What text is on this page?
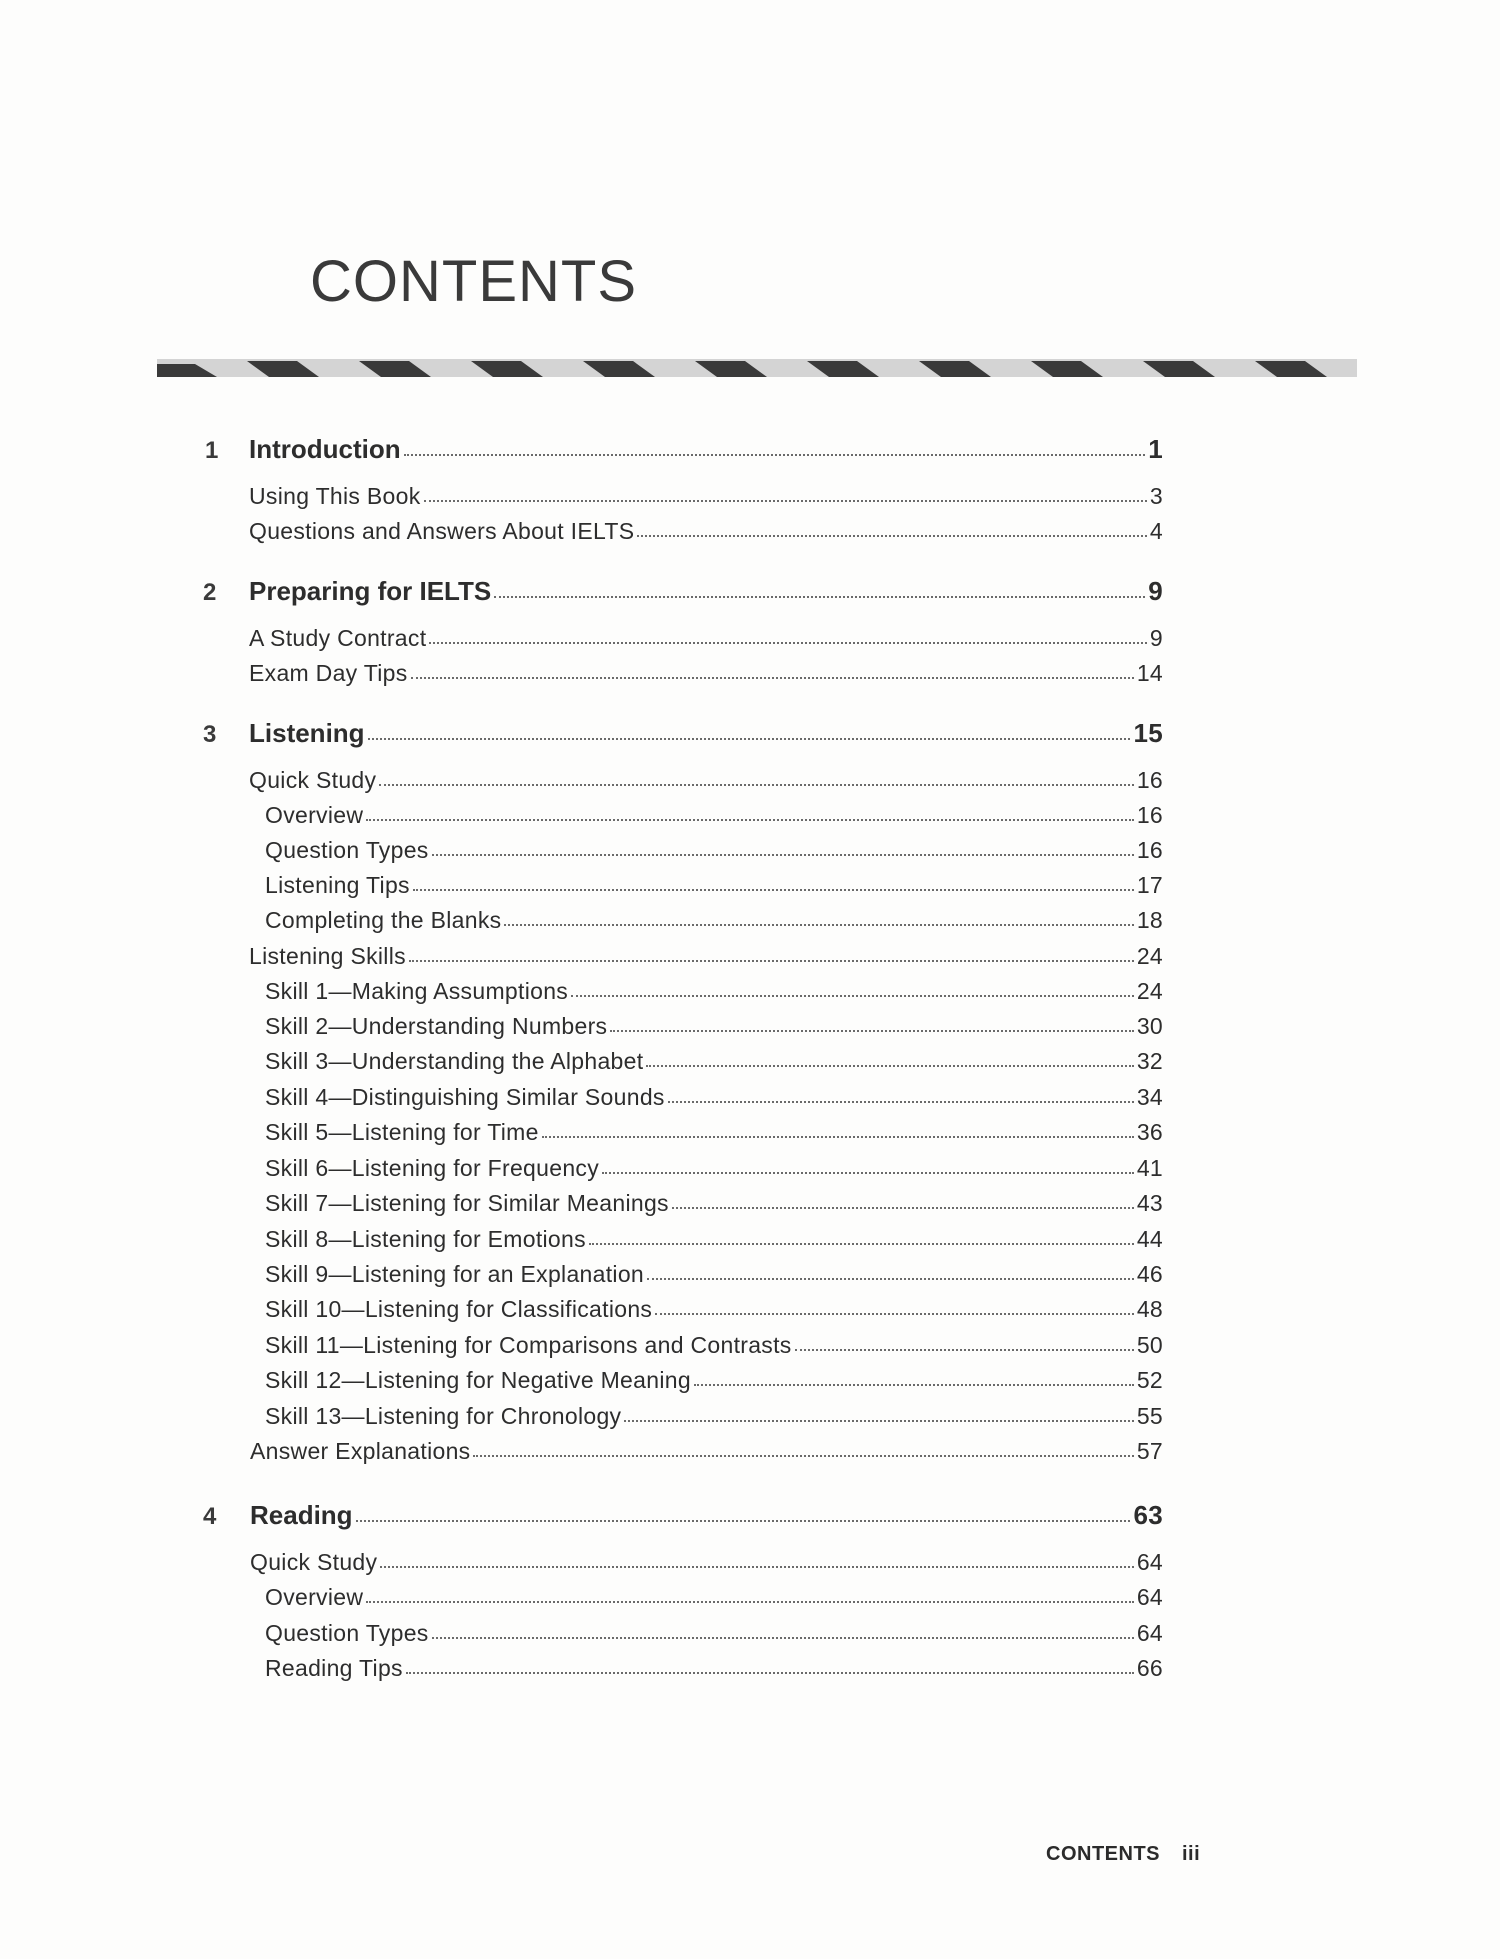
CONTENTS
1 Introduction	1
Using This Book	3
Questions and Answers About IELTS	4
2 Preparing for IELTS	9
A Study Contract	9
Exam Day Tips	14
3 Listening	15
Quick Study	16
Overview	16
Question Types	16
Listening Tips	17
Completing the Blanks	18
Listening Skills	24
Skill 1—Making Assumptions	24
Skill 2—Understanding Numbers	30
Skill 3—Understanding the Alphabet	32
Skill 4—Distinguishing Similar Sounds	34
Skill 5—Listening for Time	36
Skill 6—Listening for Frequency	41
Skill 7—Listening for Similar Meanings	43
Skill 8—Listening for Emotions	44
Skill 9—Listening for an Explanation	46
Skill 10—Listening for Classifications	48
Skill 11—Listening for Comparisons and Contrasts	50
Skill 12—Listening for Negative Meaning	52
Skill 13—Listening for Chronology	55
Answer Explanations	57
4 Reading	63
Quick Study	64
Overview	64
Question Types	64
Reading Tips	66
CONTENTS iii
